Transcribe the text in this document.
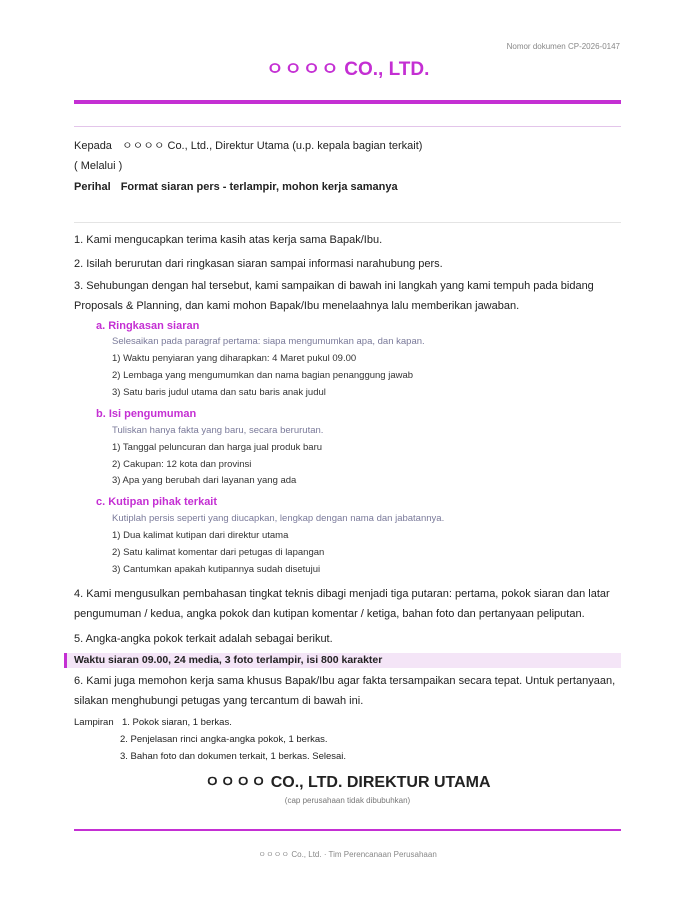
Nomor dokumen CP-2026-0147
ㅇㅇㅇㅇ CO., LTD.
Kepada ㅇㅇㅇㅇ Co., Ltd., Direktur Utama (u.p. kepala bagian terkait)
( Melalui )
Perihal Format siaran pers - terlampir, mohon kerja samanya
1. Kami mengucapkan terima kasih atas kerja sama Bapak/Ibu.
2. Isilah berurutan dari ringkasan siaran sampai informasi narahubung pers.
3. Sehubungan dengan hal tersebut, kami sampaikan di bawah ini langkah yang kami tempuh pada bidang Proposals & Planning, dan kami mohon Bapak/Ibu menelaahnya lalu memberikan jawaban.
a. Ringkasan siaran
Selesaikan pada paragraf pertama: siapa mengumumkan apa, dan kapan.
1) Waktu penyiaran yang diharapkan: 4 Maret pukul 09.00
2) Lembaga yang mengumumkan dan nama bagian penanggung jawab
3) Satu baris judul utama dan satu baris anak judul
b. Isi pengumuman
Tuliskan hanya fakta yang baru, secara berurutan.
1) Tanggal peluncuran dan harga jual produk baru
2) Cakupan: 12 kota dan provinsi
3) Apa yang berubah dari layanan yang ada
c. Kutipan pihak terkait
Kutiplah persis seperti yang diucapkan, lengkap dengan nama dan jabatannya.
1) Dua kalimat kutipan dari direktur utama
2) Satu kalimat komentar dari petugas di lapangan
3) Cantumkan apakah kutipannya sudah disetujui
4. Kami mengusulkan pembahasan tingkat teknis dibagi menjadi tiga putaran: pertama, pokok siaran dan latar pengumuman / kedua, angka pokok dan kutipan komentar / ketiga, bahan foto dan pertanyaan peliputan.
5. Angka-angka pokok terkait adalah sebagai berikut.
Waktu siaran 09.00, 24 media, 3 foto terlampir, isi 800 karakter
6. Kami juga memohon kerja sama khusus Bapak/Ibu agar fakta tersampaikan secara tepat. Untuk pertanyaan, silakan menghubungi petugas yang tercantum di bawah ini.
Lampiran 1. Pokok siaran, 1 berkas.
2. Penjelasan rinci angka-angka pokok, 1 berkas.
3. Bahan foto dan dokumen terkait, 1 berkas. Selesai.
ㅇㅇㅇㅇ CO., LTD. DIREKTUR UTAMA
(cap perusahaan tidak dibubuhkan)
ㅇㅇㅇㅇ Co., Ltd. · Tim Perencanaan Perusahaan
